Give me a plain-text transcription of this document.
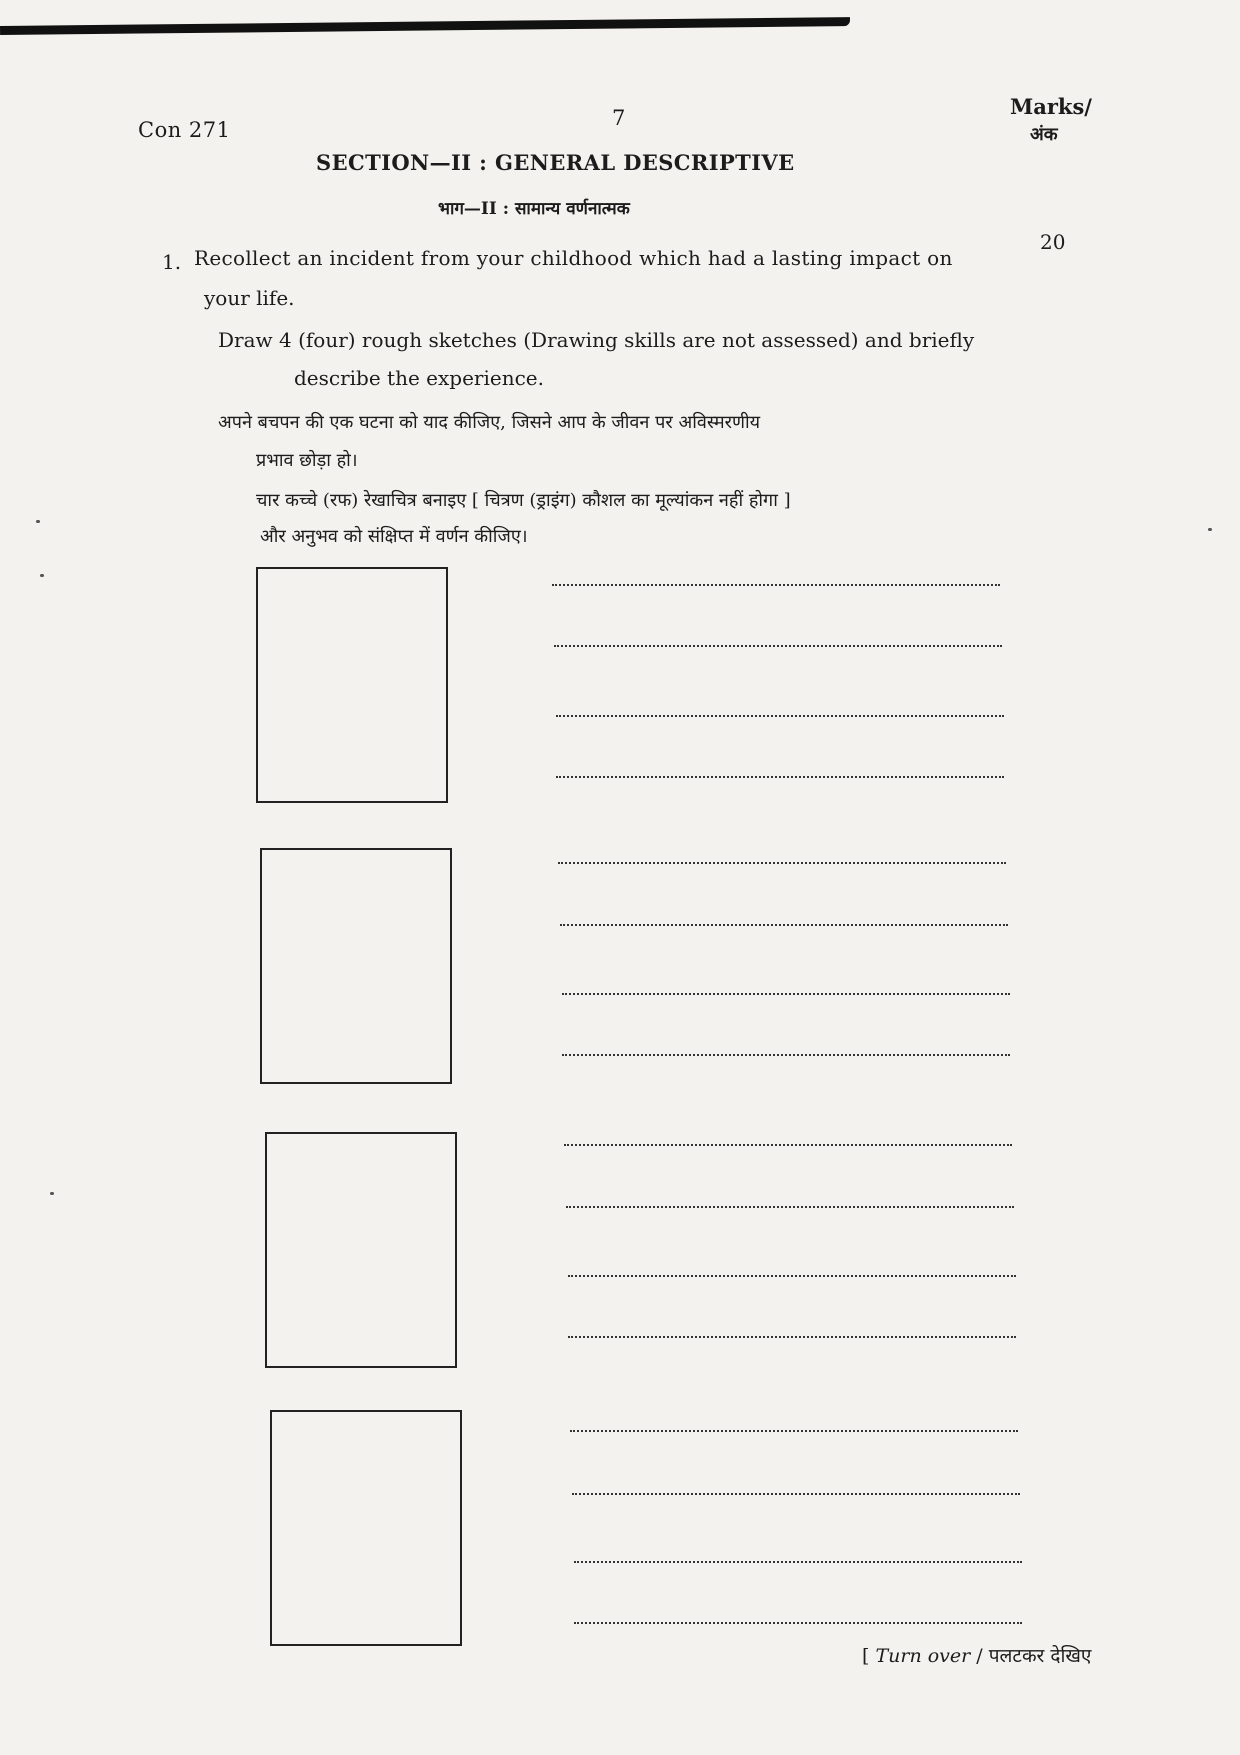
Con 271	7	Marks/
अंक
SECTION—II : GENERAL DESCRIPTIVE
भाग—II : सामान्य वर्णनात्मक
1. Recollect an incident from your childhood which had a lasting impact on
your life.
20
Draw 4 (four) rough sketches (Drawing skills are not assessed) and briefly
describe the experience.
अपने बचपन की एक घटना को याद कीजिए, जिसने आप के जीवन पर अविस्मरणीय
प्रभाव छोड़ा हो।
चार कच्चे (रफ) रेखाचित्र बनाइए [ चित्रण (ड्राइंग) कौशल का मूल्यांकन नहीं होगा ]
और अनुभव को संक्षिप्त में वर्णन कीजिए।
[ Turn over / पलटकर देखिए
